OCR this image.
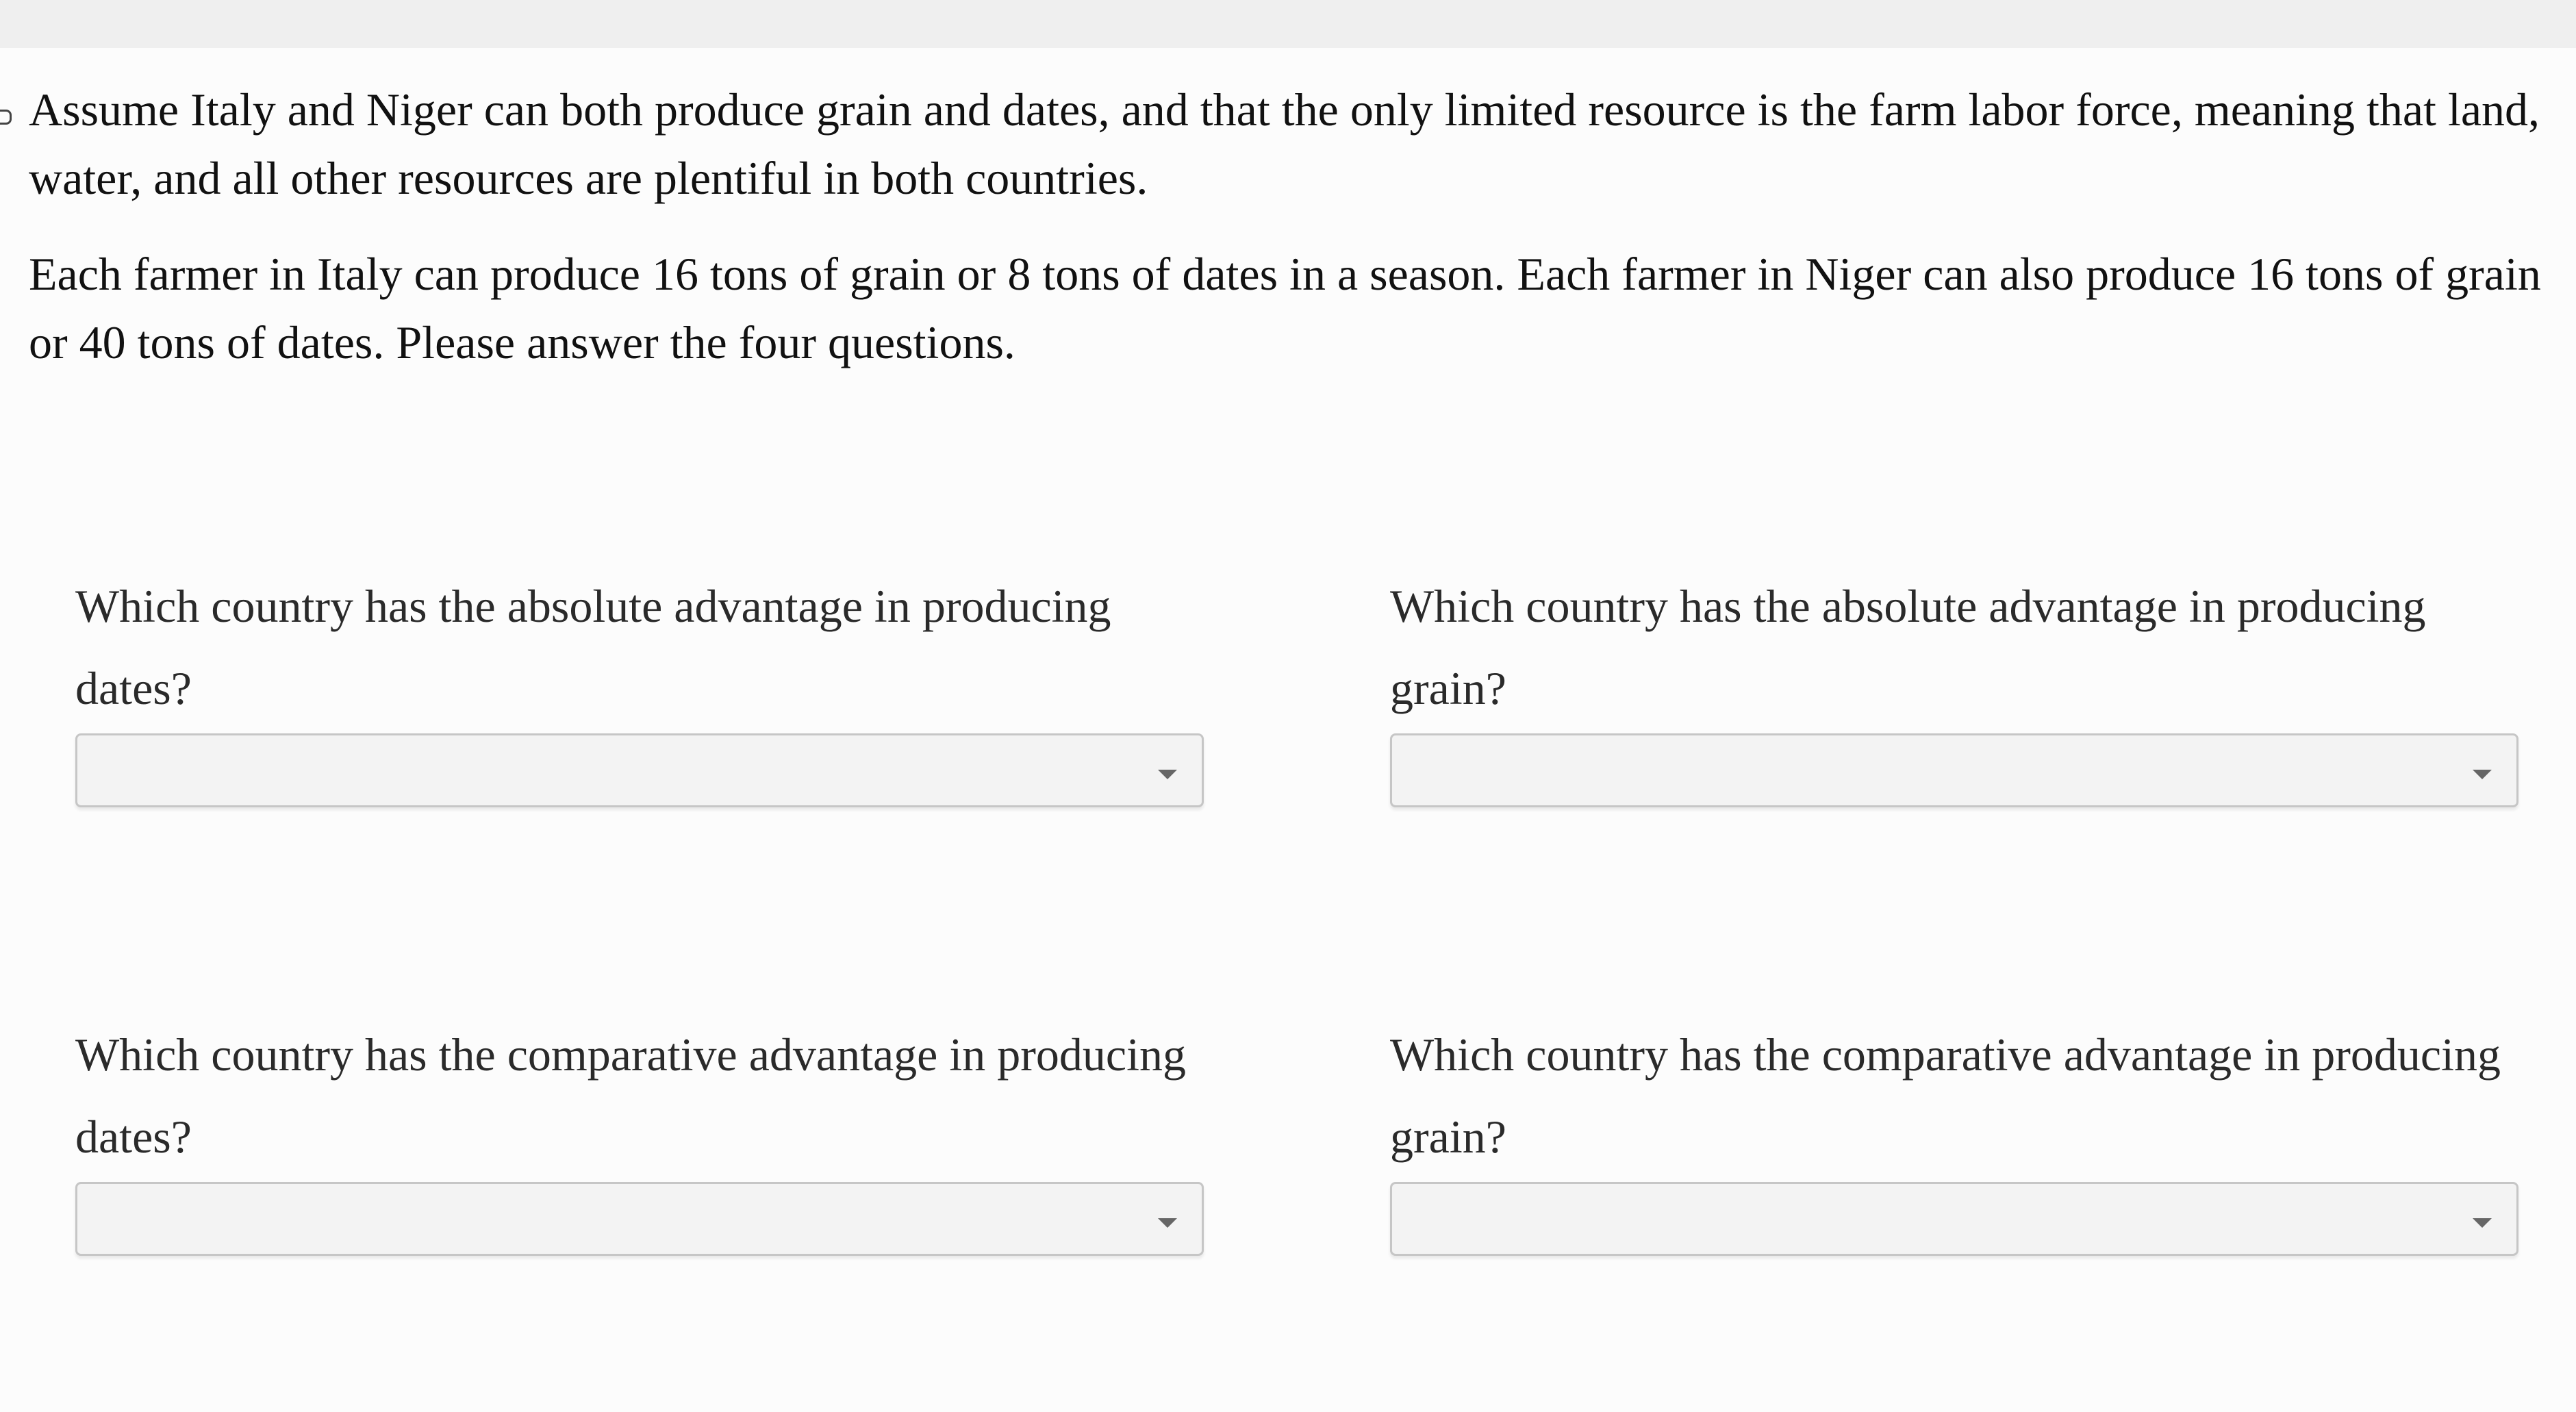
Assume Italy and Niger can both produce grain and dates, and that the only limited resource is the farm labor force, meaning that land, water, and all other resources are plentiful in both countries.

Each farmer in Italy can produce 16 tons of grain or 8 tons of dates in a season. Each farmer in Niger can also produce 16 tons of grain or 40 tons of dates. Please answer the four questions.

Which country has the absolute advantage in producing dates?
Which country has the absolute advantage in producing grain?
Which country has the comparative advantage in producing dates?
Which country has the comparative advantage in producing grain?
